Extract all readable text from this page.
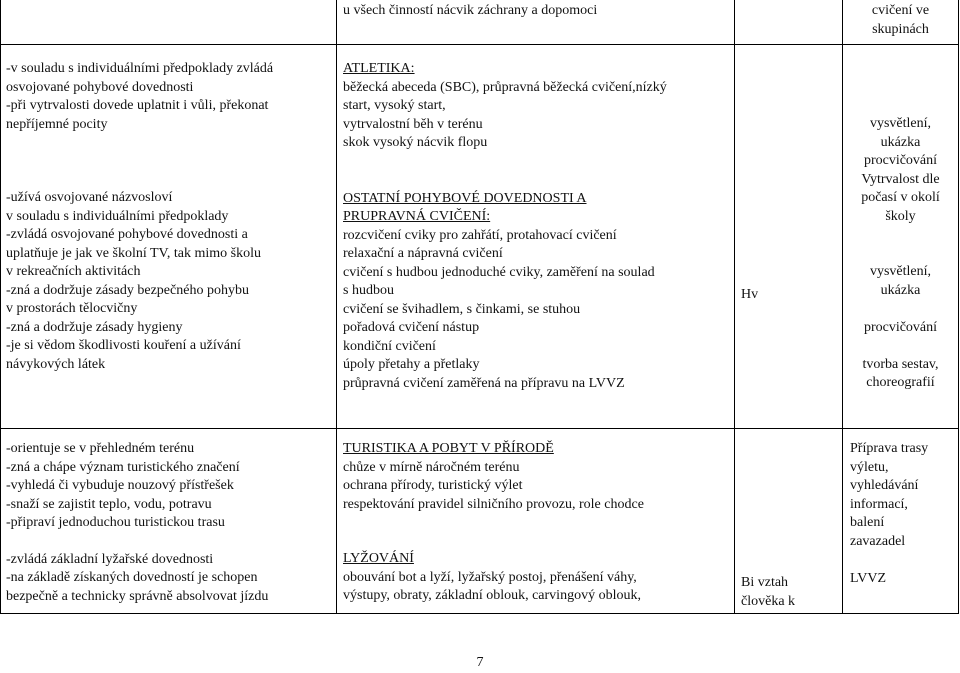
u všech činností nácvik záchrany a dopomoci	cvičení ve skupinách
-v souladu s individuálními předpoklady zvládá
osvojované pohybové dovednosti
-při vytrvalosti dovede uplatnit i vůli, překonat
nepříjemné pocity
-užívá osvojované názvosloví
v souladu s individuálními předpoklady
-zvládá osvojované pohybové dovednosti a
uplatňuje je jak ve školní TV, tak mimo školu
v rekreačních aktivitách
-zná a dodržuje zásady bezpečného pohybu
v prostorách tělocvičny
-zná a dodržuje zásady hygieny
-je si vědom škodlivosti kouření a užívání
návykových látek
ATLETIKA:
běžecká abeceda (SBC), průpravná běžecká cvičení,nízký
start, vysoký start,
vytrvalostní běh v terénu
skok vysoký nácvik flopu
OSTATNÍ POHYBOVÉ DOVEDNOSTI A
PRUPRAVNÁ CVIČENÍ:
rozcvičení cviky pro zahřátí, protahovací cvičení
relaxační a nápravná cvičení
cvičení s hudbou jednoduché cviky, zaměření na soulad
s hudbou
cvičení se švihadlem, s činkami, se stuhou
pořadová cvičení nástup
kondiční cvičení
úpoly přetahy a přetlaky
průpravná cvičení zaměřená na přípravu na LVVZ
Hv
vysvětlení,
ukázka
procvičování
Vytrvalost dle
počasí v okolí
školy

vysvětlení,
ukázka

procvičování

tvorba sestav,
choreografií
-orientuje se v přehledném terénu
-zná a chápe význam turistického značení
-vyhledá či vybuduje nouzový přístřešek
-snaží se zajistit teplo, vodu, potravu
-připraví jednoduchou turistickou trasu
-zvládá základní lyžařské dovednosti
-na základě získaných dovedností je schopen
bezpečně a technicky správně absolvovat jízdu
TURISTIKA A POBYT V PŘÍRODĚ
chůze v mírně náročném terénu
ochrana přírody, turistický výlet
respektování pravidel silničního provozu, role chodce
LYŽOVÁNÍ
obouvání bot a lyží, lyžařský postoj, přenášení váhy,
výstupy, obraty, základní oblouk, carvingový oblouk,
Bi vztah
člověka k
Příprava trasy
výletu,
vyhledávání
informací,
balení
zavazadel

LVVZ
7
